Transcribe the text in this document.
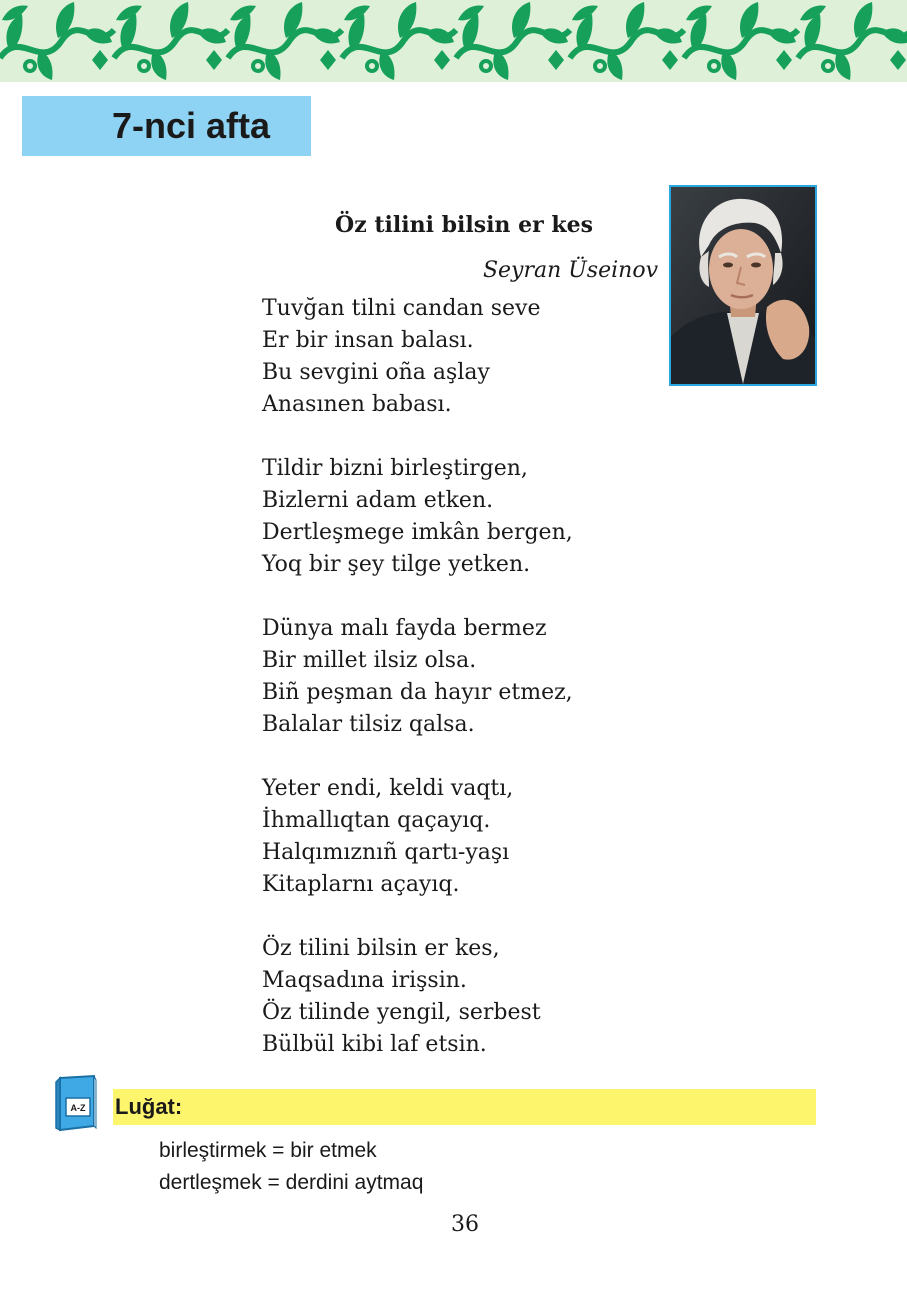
7-nci afta
Öz tilini bilsin er kes
Seyran Üseinov
Tuvğan tilni candan seve
Er bir insan balası.
Bu sevgini oña aşlay
Anasınen babası.
Tildir bizni birleştirgen,
Bizlerni adam etken.
Dertleşmege imkân bergen,
Yoq bir şey tilge yetken.
Dünya malı fayda bermez
Bir millet ilsiz olsa.
Biñ peşman da hayır etmez,
Balalar tilsiz qalsa.
Yeter endi, keldi vaqtı,
İhmallıqtan qaçayıq.
Halqımıznıñ qartı-yaşı
Kitaplarnı açayıq.
Öz tilini bilsin er kes,
Maqsadına irişsin.
Öz tilinde yengil, serbest
Bülbül kibi laf etsin.
A-Z Luğat:
birleştirmek = bir etmek
dertleşmek = derdini aytmaq
36
